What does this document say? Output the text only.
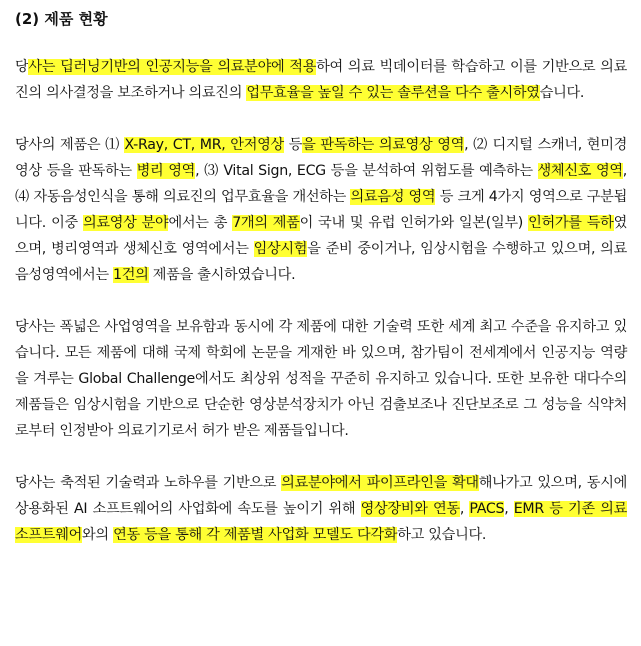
(2) 제품 현황

당사는 딥러닝기반의 인공지능을 의료분야에 적용하여 의료 빅데이터를 학습하고 이를 기반으로 의료진의 의사결정을 보조하거나 의료진의 업무효율을 높일 수 있는 솔루션을 다수 출시하였습니다.

당사의 제품은 ⑴ X-Ray, CT, MR, 안저영상 등을 판독하는 의료영상 영역, ⑵ 디지털 스캐너, 현미경 영상 등을 판독하는 병리 영역, ⑶ Vital Sign, ECG 등을 분석하여 위험도를 예측하는 생체신호 영역, ⑷ 자동음성인식을 통해 의료진의 업무효율을 개선하는 의료음성 영역 등 크게 4가지 영역으로 구분됩니다. 이중 의료영상 분야에서는 총 7개의 제품이 국내 및 유럽 인허가와 일본(일부) 인허가를 득하였으며, 병리영역과 생체신호 영역에서는 임상시험을 준비 중이거나, 임상시험을 수행하고 있으며, 의료음성영역에서는 1건의 제품을 출시하였습니다.

당사는 폭넓은 사업영역을 보유함과 동시에 각 제품에 대한 기술력 또한 세계 최고 수준을 유지하고 있습니다. 모든 제품에 대해 국제 학회에 논문을 게재한 바 있으며, 참가팀이 전세계에서 인공지능 역량을 겨루는 Global Challenge에서도 최상위 성적을 꾸준히 유지하고 있습니다. 또한 보유한 대다수의 제품들은 임상시험을 기반으로 단순한 영상분석장치가 아닌 검출보조나 진단보조로 그 성능을 식약처로부터 인정받아 의료기기로서 허가 받은 제품들입니다.

당사는 축적된 기술력과 노하우를 기반으로 의료분야에서 파이프라인을 확대해나가고 있으며, 동시에 상용화된 AI 소프트웨어의 사업화에 속도를 높이기 위해 영상장비와 연동, PACS, EMR 등 기존 의료 소프트웨어와의 연동 등을 통해 각 제품별 사업화 모델도 다각화하고 있습니다.
